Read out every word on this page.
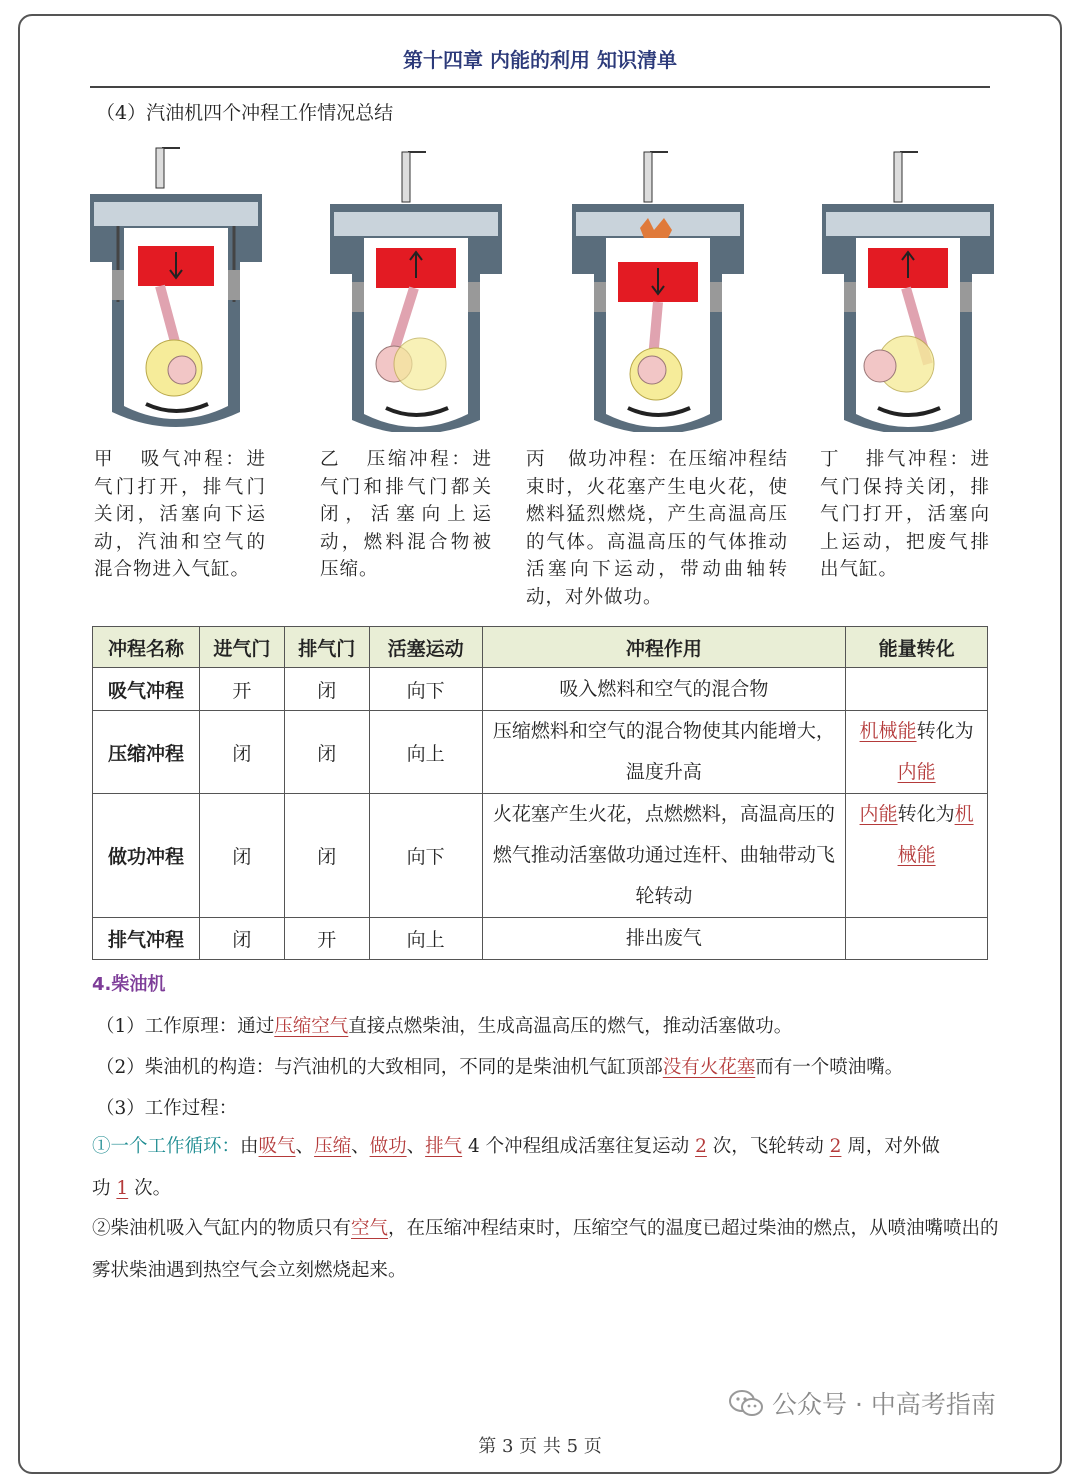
第十四章 内能的利用 知识清单
（4）汽油机四个冲程工作情况总结
甲 吸气冲程：进气门打开，排气门关闭，活塞向下运动，汽油和空气的混合物进入气缸。
乙 压缩冲程：进气门和排气门都关闭，活塞向上运动，燃料混合物被压缩。
丙 做功冲程：在压缩冲程结束时，火花塞产生电火花，使燃料猛烈燃烧，产生高温高压的气体。高温高压的气体推动活塞向下运动，带动曲轴转动，对外做功。
丁 排气冲程：进气门保持关闭，排气门打开，活塞向上运动，把废气排出气缸。
冲程名称	进气门	排气门	活塞运动	冲程作用	能量转化
吸气冲程	开	闭	向下	吸入燃料和空气的混合物	
压缩冲程	闭	闭	向上	压缩燃料和空气的混合物使其内能增大，温度升高	机械能转化为内能
做功冲程	闭	闭	向下	火花塞产生火花，点燃燃料，高温高压的燃气推动活塞做功通过连杆、曲轴带动飞轮转动	内能转化为机械能
排气冲程	闭	开	向上	排出废气	
4.柴油机
（1）工作原理：通过压缩空气直接点燃柴油，生成高温高压的燃气，推动活塞做功。
（2）柴油机的构造：与汽油机的大致相同，不同的是柴油机气缸顶部没有火花塞而有一个喷油嘴。
（3）工作过程：
①一个工作循环：由吸气、压缩、做功、排气 4 个冲程组成活塞往复运动 2 次，飞轮转动 2 周，对外做功 1 次。
②柴油机吸入气缸内的物质只有空气，在压缩冲程结束时，压缩空气的温度已超过柴油的燃点，从喷油嘴喷出的雾状柴油遇到热空气会立刻燃烧起来。
公众号 · 中高考指南
第 3 页 共 5 页
